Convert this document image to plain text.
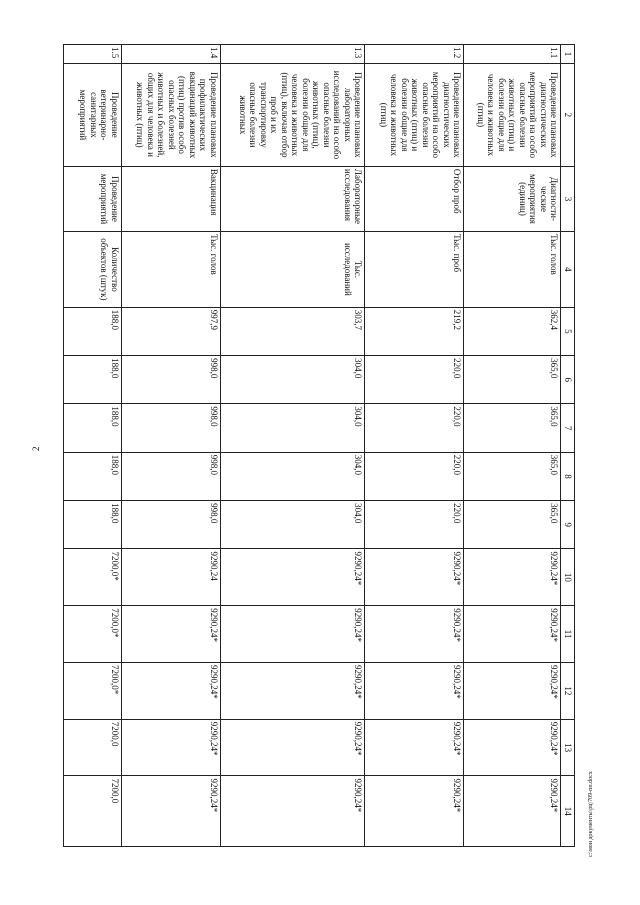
2
1	2	3	4	5	6	7	8	9	10	11	12	13	14
1.1	Проведение плановых диагностических мероприятий на особо опасные болезни животных (птиц) и болезни общие для человека и животных (птиц)	Диагности- ческие мероприятия (единиц)	Тыс. голов	362,4	365,0	365,0	365,0	365,0	9290,24*	9290,24*	9290,24*	9290,24*	9290,24*
1.2	Проведение плановых диагностических мероприятий на особо опасные болезни животных (птиц) и болезни общие для человека и животных (птиц)	Отбор проб	Тыс. проб	219,2	220,0	220,0	220,0	220,0	9290,24*	9290,24*	9290,24*	9290,24*	9290,24*
1.3	Проведение плановых лабораторных исследований на особо опасные болезни животных (птиц), болезни общие для человека и животных (птиц), включая отбор проб и их транспортировку опасные болезни животных	Лабораторные исследования	Тыс. исследований	303,7	304,0	304,0	304,0	304,0	9290,24*	9290,24*	9290,24*	9290,24*	9290,24*
1.4	Проведение плановых профилактических вакцинаций животных (птиц) против особо опасных болезней животных и болезней, общих для человека и животных (птиц)	Вакцинация	Тыс. голов	997,9	998,0	998,0	998,0	998,0	9290,24	9290,24*	9290,24*	9290,24*	9290,24*
1.5	Проведение ветеринарно- санитарных мероприятий	Проведение мероприятий	Количество объектов (штук)	188,0	188,0	188,0	188,0	188,0	7200,0*	7200,0*	7200,0*	7200,0	7200,0	c:\мои документы\рц\709-пп.docx
